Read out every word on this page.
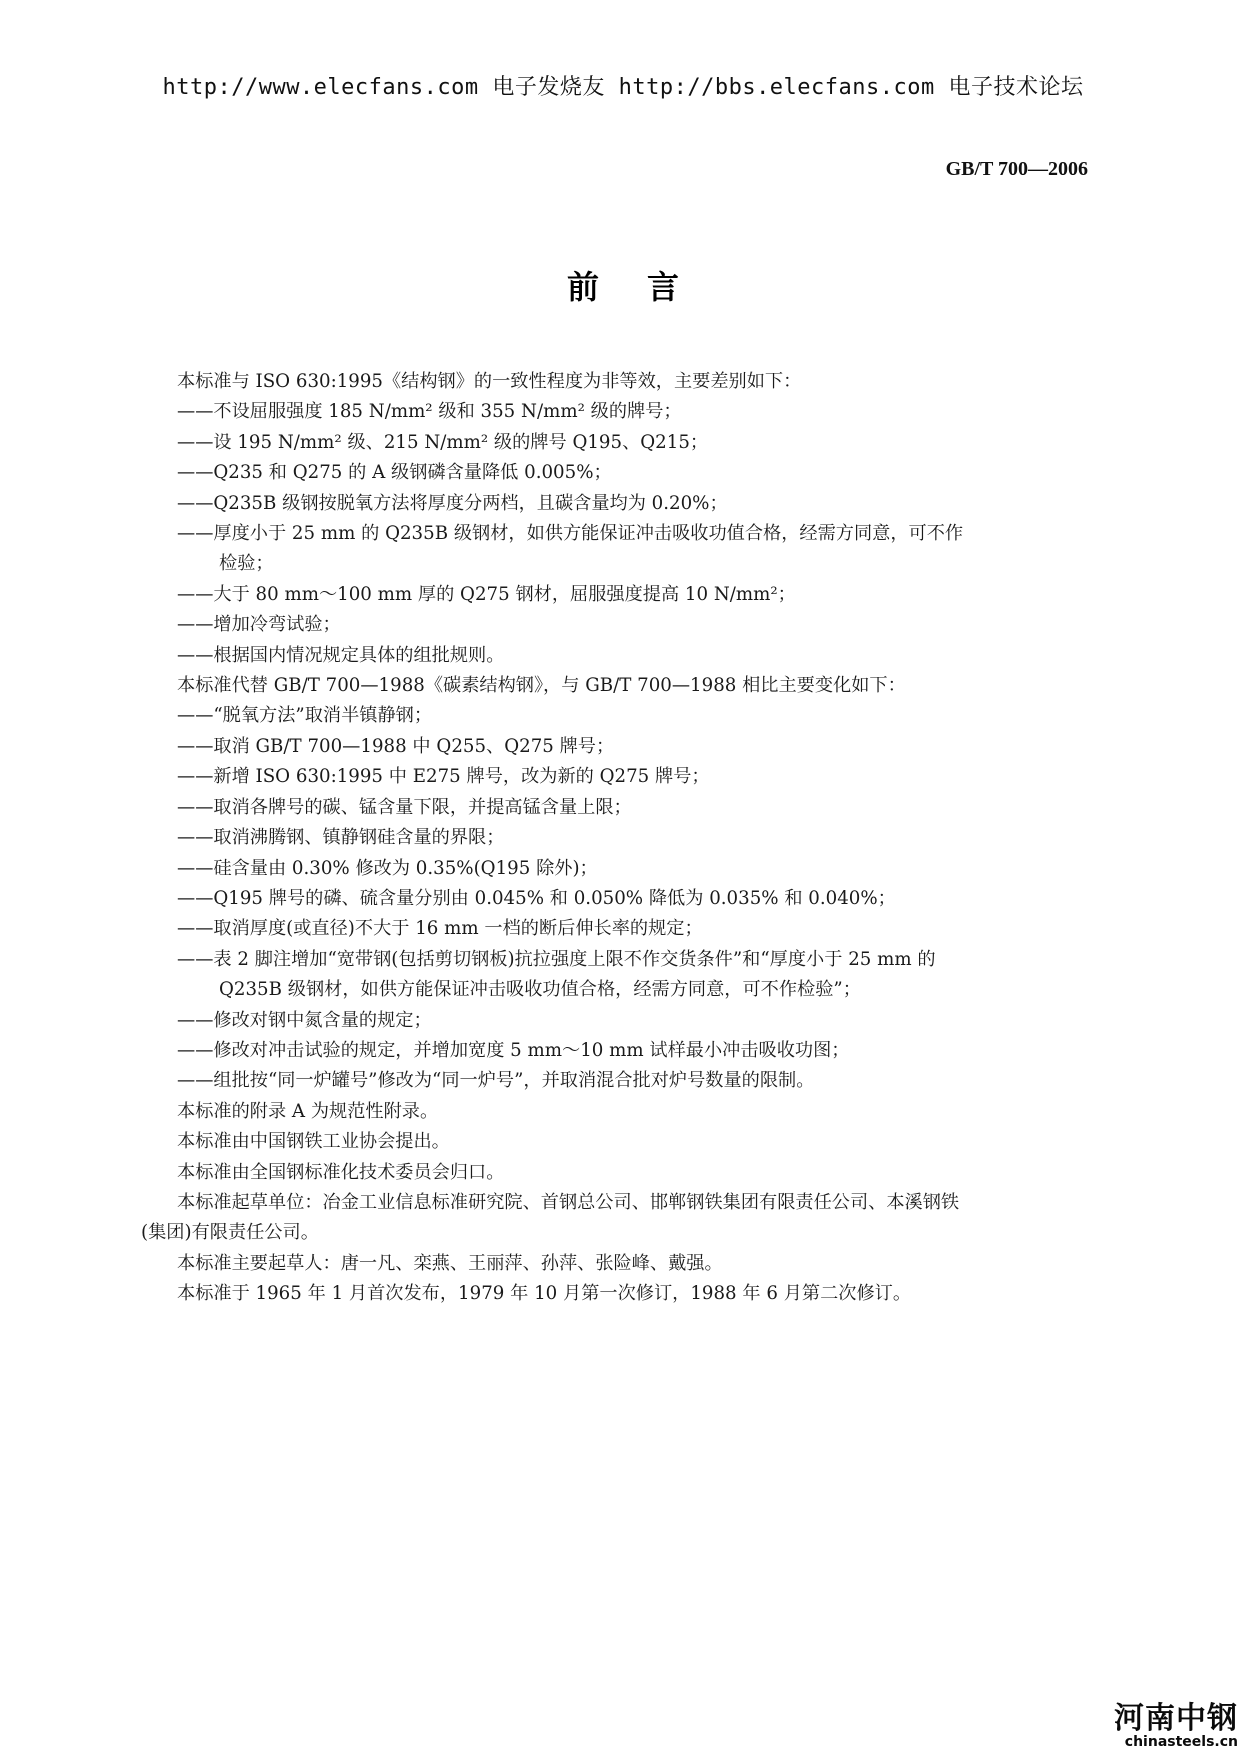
http://www.elecfans.com 电子发烧友 http://bbs.elecfans.com 电子技术论坛
GB/T 700—2006
前言

本标准与 ISO 630:1995《结构钢》的一致性程度为非等效，主要差别如下：

——不设屈服强度 185 N/mm² 级和 355 N/mm² 级的牌号；

——设 195 N/mm² 级、215 N/mm² 级的牌号 Q195、Q215；

——Q235 和 Q275 的 A 级钢磷含量降低 0.005%；

——Q235B 级钢按脱氧方法将厚度分两档，且碳含量均为 0.20%；

——厚度小于 25 mm 的 Q235B 级钢材，如供方能保证冲击吸收功值合格，经需方同意，可不作

检验；

——大于 80 mm～100 mm 厚的 Q275 钢材，屈服强度提高 10 N/mm²；

——增加冷弯试验；

——根据国内情况规定具体的组批规则。

本标准代替 GB/T 700—1988《碳素结构钢》，与 GB/T 700—1988 相比主要变化如下：

——“脱氧方法”取消半镇静钢；

——取消 GB/T 700—1988 中 Q255、Q275 牌号；

——新增 ISO 630:1995 中 E275 牌号，改为新的 Q275 牌号；

——取消各牌号的碳、锰含量下限，并提高锰含量上限；

——取消沸腾钢、镇静钢硅含量的界限；

——硅含量由 0.30% 修改为 0.35%(Q195 除外)；

——Q195 牌号的磷、硫含量分别由 0.045% 和 0.050% 降低为 0.035% 和 0.040%；

——取消厚度(或直径)不大于 16 mm 一档的断后伸长率的规定；

——表 2 脚注增加“宽带钢(包括剪切钢板)抗拉强度上限不作交货条件”和“厚度小于 25 mm 的

Q235B 级钢材，如供方能保证冲击吸收功值合格，经需方同意，可不作检验”；

——修改对钢中氮含量的规定；

——修改对冲击试验的规定，并增加宽度 5 mm～10 mm 试样最小冲击吸收功图；

——组批按“同一炉罐号”修改为“同一炉号”，并取消混合批对炉号数量的限制。

本标准的附录 A 为规范性附录。

本标准由中国钢铁工业协会提出。

本标准由全国钢标准化技术委员会归口。

本标准起草单位：冶金工业信息标准研究院、首钢总公司、邯郸钢铁集团有限责任公司、本溪钢铁

(集团)有限责任公司。

本标准主要起草人：唐一凡、栾燕、王丽萍、孙萍、张险峰、戴强。

本标准于 1965 年 1 月首次发布，1979 年 10 月第一次修订，1988 年 6 月第二次修订。

河南中钢
chinasteels.cn
